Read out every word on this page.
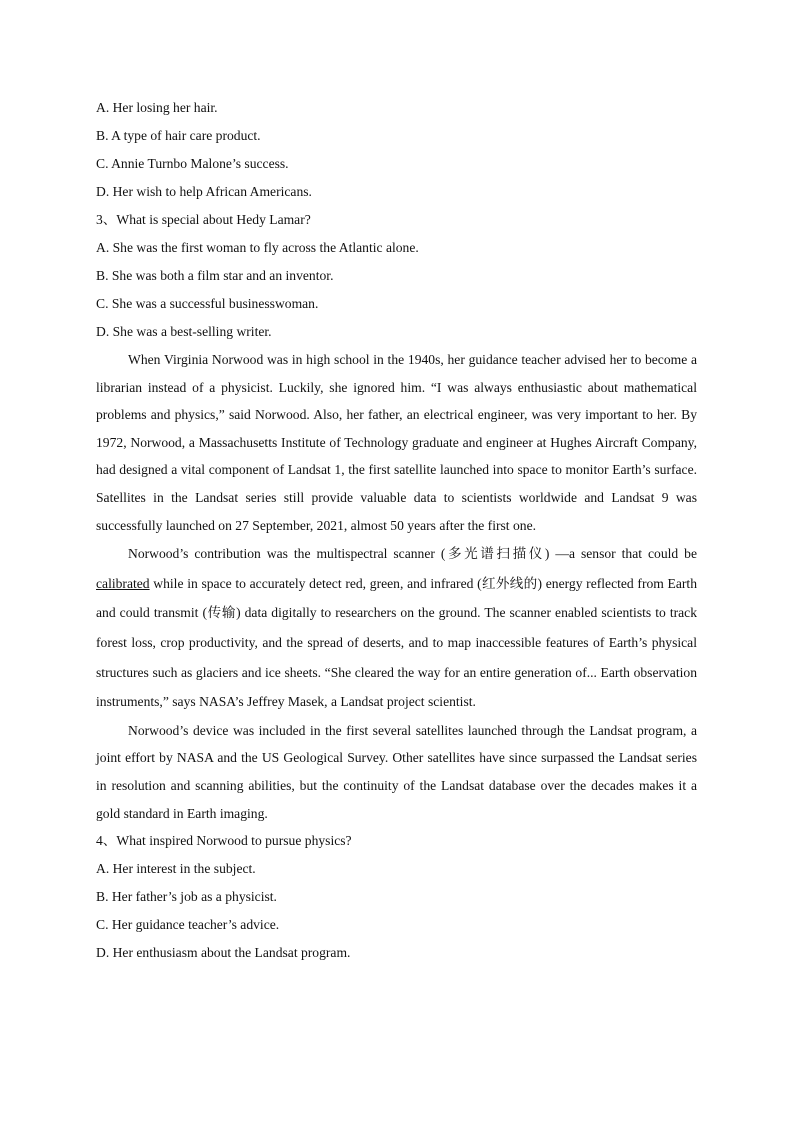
A. Her losing her hair.

B. A type of hair care product.

C. Annie Turnbo Malone’s success.

D. Her wish to help African Americans.

3、What is special about Hedy Lamar?

A. She was the first woman to fly across the Atlantic alone.

B. She was both a film star and an inventor.

C. She was a successful businesswoman.

D. She was a best-selling writer.

When Virginia Norwood was in high school in the 1940s, her guidance teacher advised her to become a librarian instead of a physicist. Luckily, she ignored him. “I was always enthusiastic about mathematical problems and physics,” said Norwood. Also, her father, an electrical engineer, was very important to her. By 1972, Norwood, a Massachusetts Institute of Technology graduate and engineer at Hughes Aircraft Company, had designed a vital component of Landsat 1, the first satellite launched into space to monitor Earth’s surface. Satellites in the Landsat series still provide valuable data to scientists worldwide and Landsat 9 was successfully launched on 27 September, 2021, almost 50 years after the first one.

Norwood’s contribution was the multispectral scanner (多光谱扫描仪) —a sensor that could be calibrated while in space to accurately detect red, green, and infrared (红外线的) energy reflected from Earth and could transmit (传输) data digitally to researchers on the ground. The scanner enabled scientists to track forest loss, crop productivity, and the spread of deserts, and to map inaccessible features of Earth’s physical structures such as glaciers and ice sheets. “She cleared the way for an entire generation of... Earth observation instruments,” says NASA’s Jeffrey Masek, a Landsat project scientist.

Norwood’s device was included in the first several satellites launched through the Landsat program, a joint effort by NASA and the US Geological Survey. Other satellites have since surpassed the Landsat series in resolution and scanning abilities, but the continuity of the Landsat database over the decades makes it a gold standard in Earth imaging.

4、What inspired Norwood to pursue physics?

A. Her interest in the subject.

B. Her father’s job as a physicist.

C. Her guidance teacher’s advice.

D. Her enthusiasm about the Landsat program.
